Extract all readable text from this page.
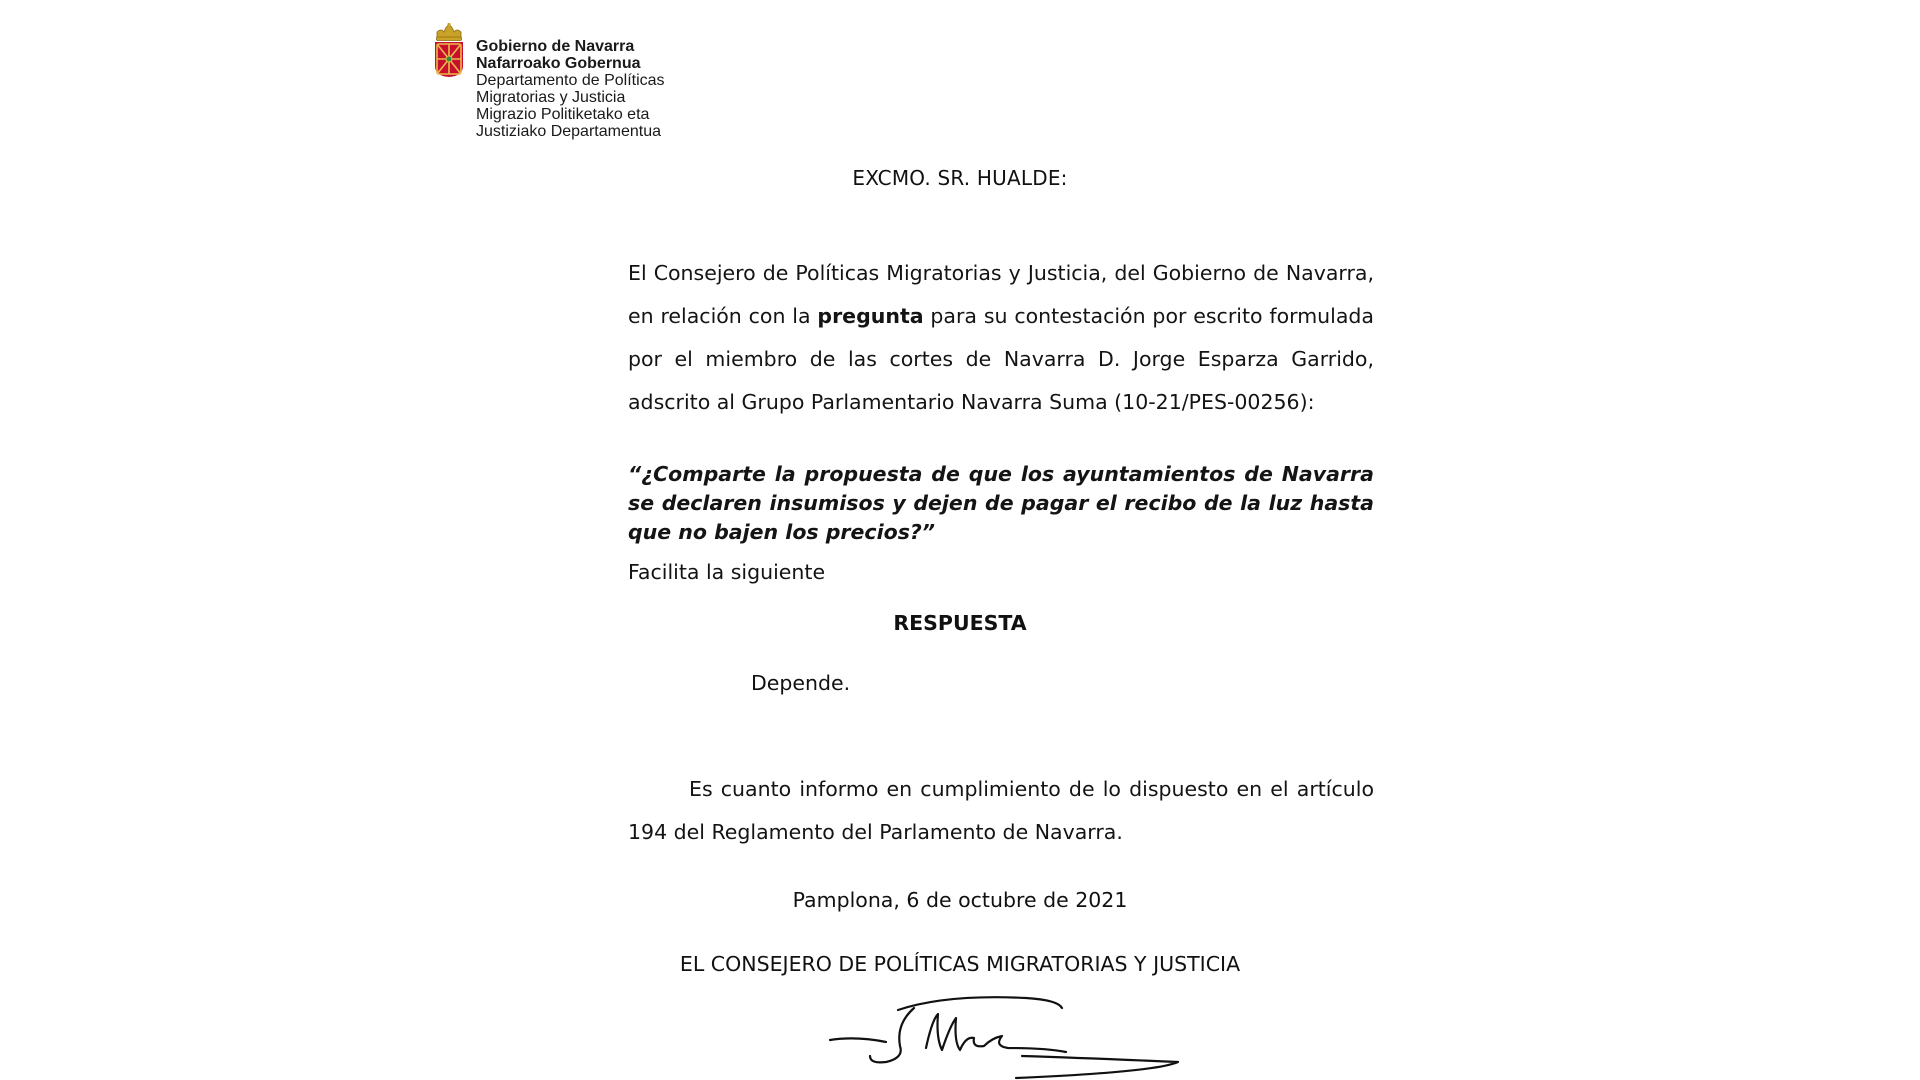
Gobierno de Navarra
Nafarroako Gobernua
Departamento de Políticas
Migratorias y Justicia
Migrazio Politiketako eta
Justiziako Departamentua
EXCMO. SR. HUALDE:
El Consejero de Políticas Migratorias y Justicia, del Gobierno de Navarra, en relación con la pregunta para su contestación por escrito formulada por el miembro de las cortes de Navarra D. Jorge Esparza Garrido, adscrito al Grupo Parlamentario Navarra Suma (10-21/PES-00256):
“¿Comparte la propuesta de que los ayuntamientos de Navarra se declaren insumisos y dejen de pagar el recibo de la luz hasta que no bajen los precios?”
Facilita la siguiente
RESPUESTA
Depende.
Es cuanto informo en cumplimiento de lo dispuesto en el artículo 194 del Reglamento del Parlamento de Navarra.
Pamplona, 6 de octubre de 2021
EL CONSEJERO DE POLÍTICAS MIGRATORIAS Y JUSTICIA
